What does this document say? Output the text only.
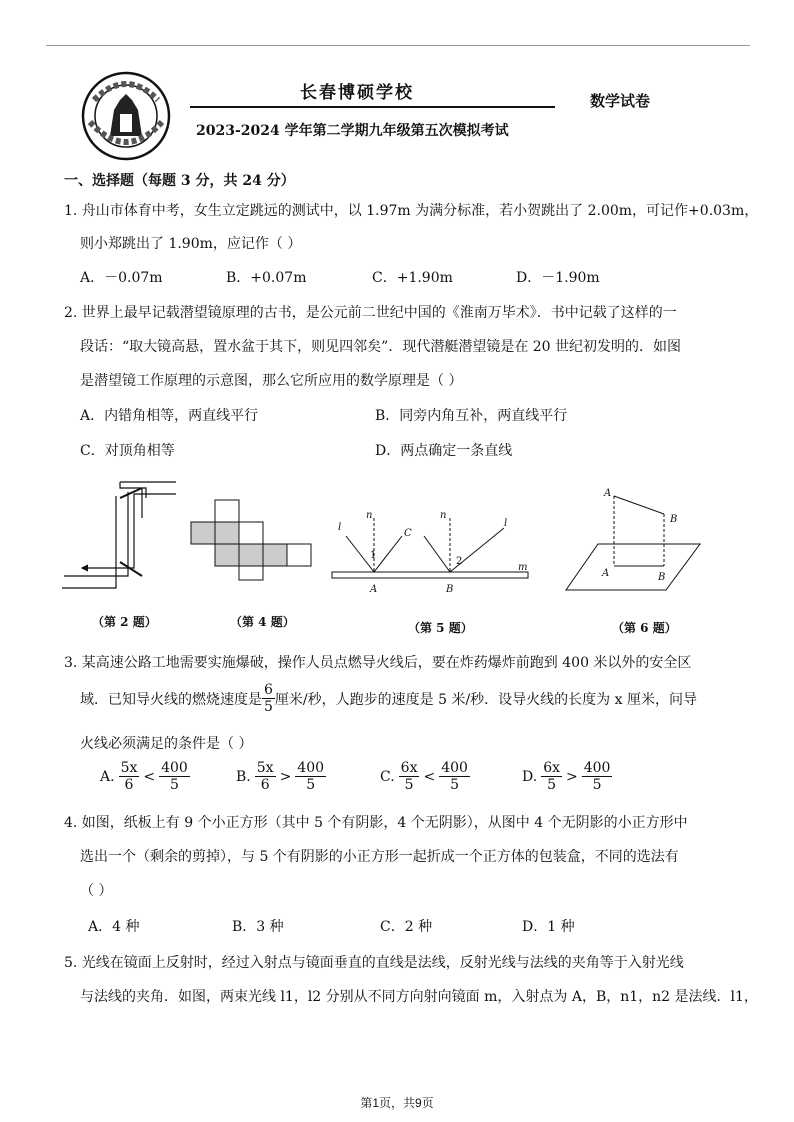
长春博硕学校	数学试卷
2023-2024 学年第二学期九年级第五次模拟考试
一、选择题（每题 3 分，共 24 分）
1. 舟山市体育中考，女生立定跳远的测试中，以 1.97m 为满分标准，若小贺跳出了 2.00m，可记作+0.03m，
则小郑跳出了 1.90m，应记作（ ）
A．－0.07m	B．+0.07m	C．+1.90m	D．－1.90m
2. 世界上最早记载潜望镜原理的古书，是公元前二世纪中国的《淮南万毕术》．书中记载了这样的一
段话：“取大镜高悬，置水盆于其下，则见四邻矣”．现代潜艇潜望镜是在 20 世纪初发明的．如图
是潜望镜工作原理的示意图，那么它所应用的数学原理是（ ）
A．内错角相等，两直线平行	B．同旁内角互补，两直线平行
C．对顶角相等	D．两点确定一条直线
l
n
1
C
n
l
2
A	B
m
A
B
A	B
（第 2 题）	（第 4 题）	（第 5 题）	（第 6 题）
3. 某高速公路工地需要实施爆破，操作人员点燃导火线后，要在炸药爆炸前跑到 400 米以外的安全区
域．已知导火线的燃烧速度是 $\frac{6}{5}$ 厘米/秒，人跑步的速度是 5 米/秒．设导火线的长度为 x 厘米，问导
火线必须满足的条件是（ ）
A. $\frac{5x}{6} < \frac{400}{5}$	B. $\frac{5x}{6} > \frac{400}{5}$	C. $\frac{6x}{5} < \frac{400}{5}$	D. $\frac{6x}{5} > \frac{400}{5}$
4. 如图，纸板上有 9 个小正方形（其中 5 个有阴影，4 个无阴影），从图中 4 个无阴影的小正方形中
选出一个（剩余的剪掉），与 5 个有阴影的小正方形一起折成一个正方体的包装盒，不同的选法有
（ ）
A．4 种	B．3 种	C．2 种	D．1 种
5. 光线在镜面上反射时，经过入射点与镜面垂直的直线是法线，反射光线与法线的夹角等于入射光线
与法线的夹角．如图，两束光线 l1，l2 分别从不同方向射向镜面 m，入射点为 A，B，n1，n2 是法线．l1，
第1页，共9页
